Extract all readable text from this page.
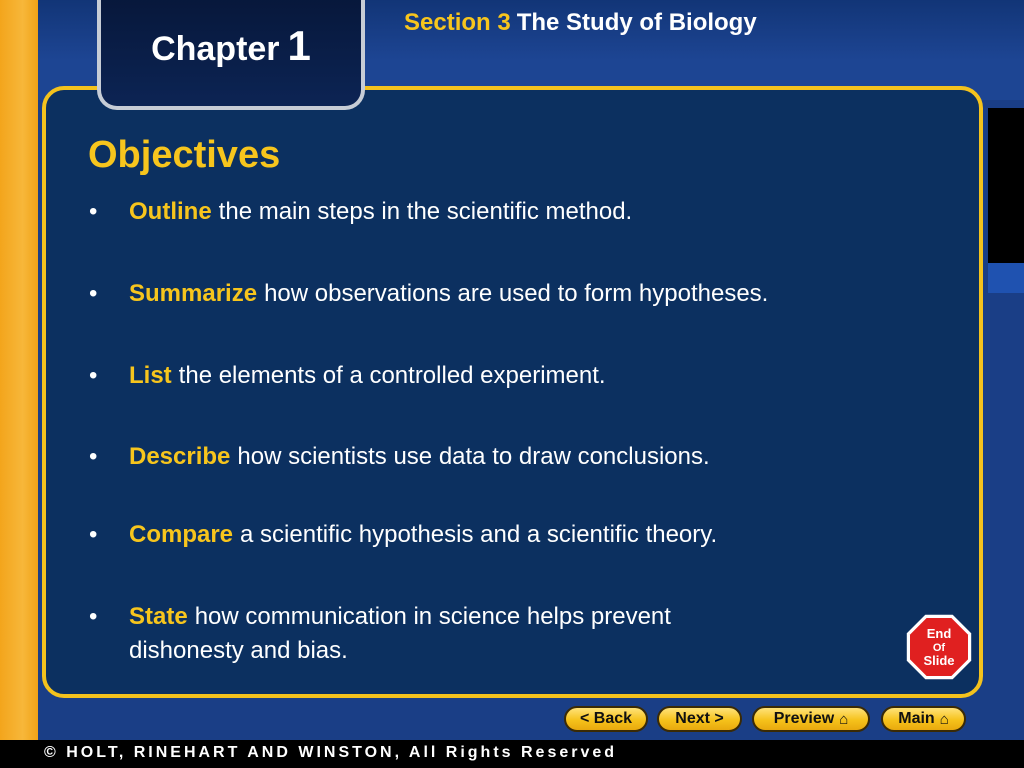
Section 3 The Study of Biology
Chapter 1
Objectives
• Outline the main steps in the scientific method.
• Summarize how observations are used to form hypotheses.
• List the elements of a controlled experiment.
• Describe how scientists use data to draw conclusions.
• Compare a scientific hypothesis and a scientific theory.
• State how communication in science helps prevent dishonesty and bias.
End
Of
Slide
< Back	Next >	Preview ⌂	Main ⌂
© HOLT, RINEHART AND WINSTON, All Rights Reserved
